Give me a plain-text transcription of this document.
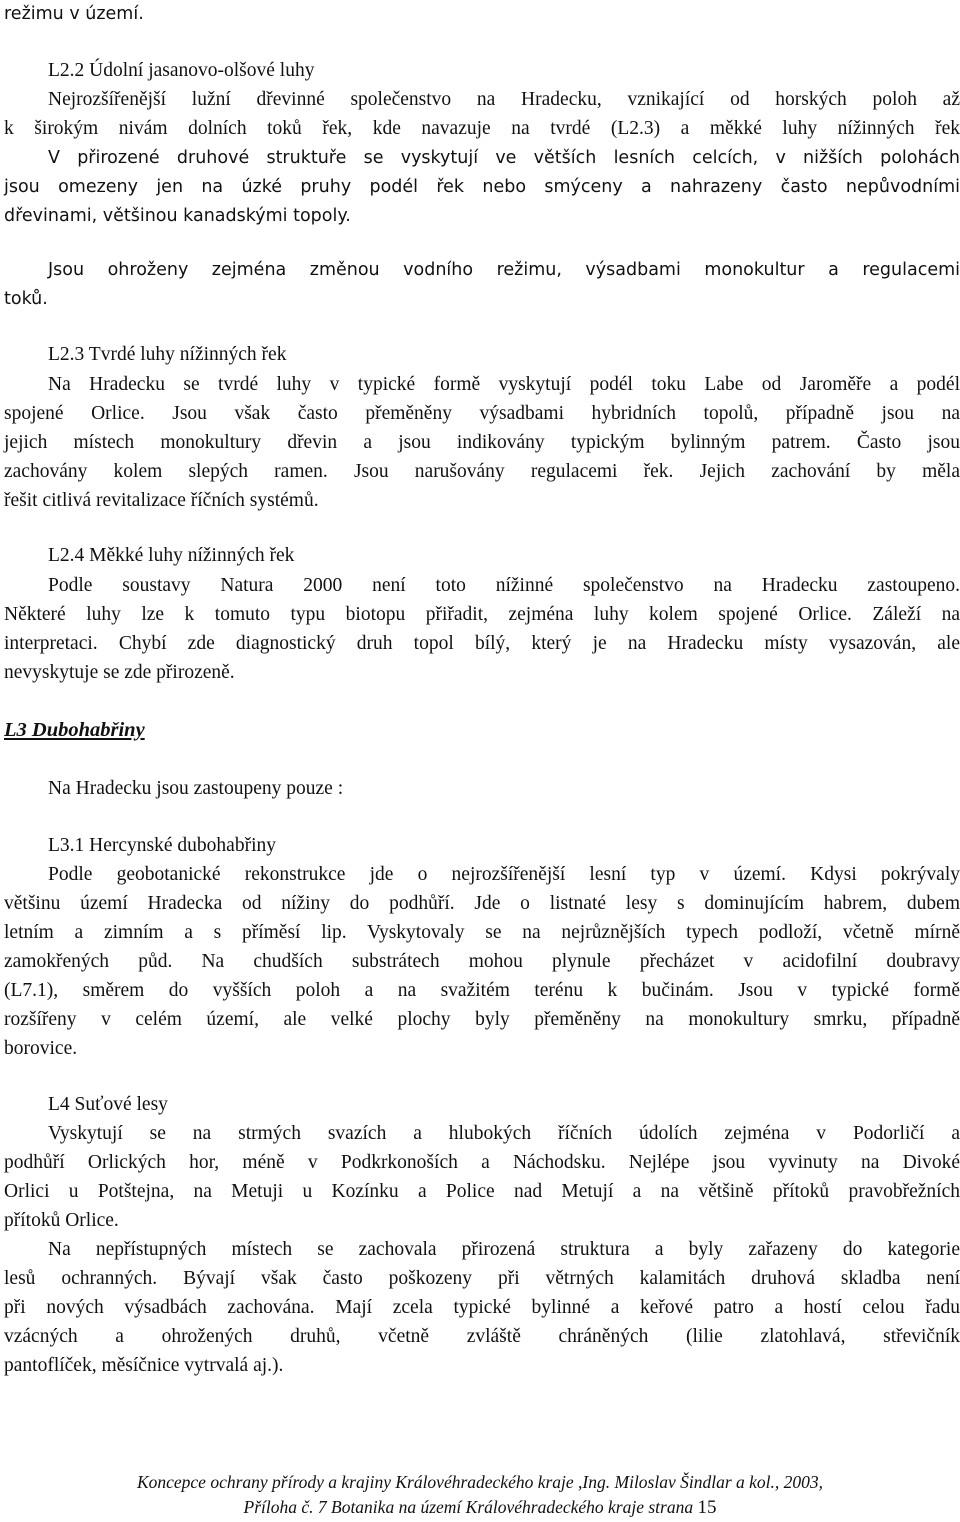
režimu v území.
L2.2 Údolní jasanovo-olšové luhy
Nejrozšířenější lužní dřevinné společenstvo na Hradecku, vznikající od horských poloh až
k širokým nivám dolních toků řek, kde navazuje na tvrdé (L2.3) a měkké luhy nížinných řek
V přirozené druhové struktuře se vyskytují ve větších lesních celcích, v nižších polohách
jsou omezeny jen na úzké pruhy podél řek nebo smýceny a nahrazeny často nepůvodními
dřevinami, většinou kanadskými topoly.
Jsou ohroženy zejména změnou vodního režimu, výsadbami monokultur a regulacemi
toků.
L2.3 Tvrdé luhy nížinných řek
Na Hradecku se tvrdé luhy v typické formě vyskytují podél toku Labe od Jaroměře a podél
spojené Orlice. Jsou však často přeměněny výsadbami hybridních topolů, případně jsou na
jejich místech monokultury dřevin a jsou indikovány typickým bylinným patrem. Často jsou
zachovány kolem slepých ramen. Jsou narušovány regulacemi řek. Jejich zachování by měla
řešit citlivá revitalizace říčních systémů.
L2.4 Měkké luhy nížinných řek
Podle soustavy Natura 2000 není toto nížinné společenstvo na Hradecku zastoupeno.
Některé luhy lze k tomuto typu biotopu přiřadit, zejména luhy kolem spojené Orlice. Záleží na
interpretaci. Chybí zde diagnostický druh topol bílý, který je na Hradecku místy vysazován, ale
nevyskytuje se zde přirozeně.
L3 Dubohabřiny
Na Hradecku jsou zastoupeny pouze :
L3.1 Hercynské dubohabřiny
Podle geobotanické rekonstrukce jde o nejrozšířenější lesní typ v území. Kdysi pokrývaly
většinu území Hradecka od nížiny do podhůří. Jde o listnaté lesy s dominujícím habrem, dubem
letním a zimním a s příměsí lip. Vyskytovaly se na nejrůznějších typech podloží, včetně mírně
zamokřených půd. Na chudších substrátech mohou plynule přecházet v acidofilní doubravy
(L7.1), směrem do vyšších poloh a na svažitém terénu k bučinám. Jsou v typické formě
rozšířeny v celém území, ale velké plochy byly přeměněny na monokultury smrku, případně
borovice.
L4 Suťové lesy
Vyskytují se na strmých svazích a hlubokých říčních údolích zejména v Podorličí a
podhůří Orlických hor, méně v Podkrkonoších a Náchodsku. Nejlépe jsou vyvinuty na Divoké
Orlici u Potštejna, na Metuji u Kozínku a Police nad Metují a na většině přítoků pravobřežních
přítoků Orlice.
Na nepřístupných místech se zachovala přirozená struktura a byly zařazeny do kategorie
lesů ochranných. Bývají však často poškozeny při větrných kalamitách druhová skladba není
při nových výsadbách zachována. Mají zcela typické bylinné a keřové patro a hostí celou řadu
vzácných a ohrožených druhů, včetně zvláště chráněných (lilie zlatohlavá, střevičník
pantoflíček, měsíčnice vytrvalá aj.).
Koncepce ochrany přírody a krajiny Královéhradeckého kraje ,Ing. Miloslav Šindlar a kol., 2003,
Příloha č. 7 Botanika na území Královéhradeckého kraje strana 15
